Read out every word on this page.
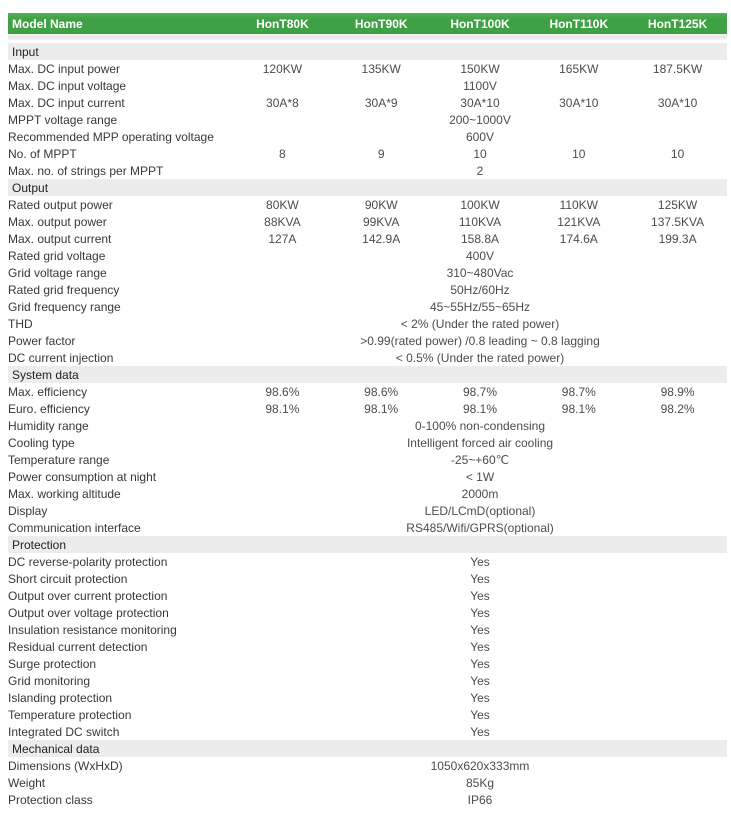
Model Name	HonT80K	HonT90K	HonT100K	HonT110K	HonT125K

Input					
Max. DC input power	120KW	135KW	150KW	165KW	187.5KW
Max. DC input voltage	1100V				
Max. DC input current	30A*8	30A*9	30A*10	30A*10	30A*10
MPPT voltage range	200~1000V				
Recommended MPP operating voltage	600V				
No. of MPPT	8	9	10	10	10
Max. no. of strings per MPPT	2				
Output					
Rated output power	80KW	90KW	100KW	110KW	125KW
Max. output power	88KVA	99KVA	110KVA	121KVA	137.5KVA
Max. output current	127A	142.9A	158.8A	174.6A	199.3A
Rated grid voltage	400V				
Grid voltage range	310~480Vac				
Rated grid frequency	50Hz/60Hz				
Grid frequency range	45~55Hz/55~65Hz				
THD	< 2% (Under the rated power)				
Power factor	>0.99(rated power) /0.8 leading ~ 0.8 lagging				
DC current injection	< 0.5% (Under the rated power)				
System data					
Max. efficiency	98.6%	98.6%	98.7%	98.7%	98.9%
Euro. efficiency	98.1%	98.1%	98.1%	98.1%	98.2%
Humidity range	0-100% non-condensing				
Cooling type	Intelligent forced air cooling				
Temperature range	-25~+60℃				
Power consumption at night	< 1W				
Max. working altitude	2000m				
Display	LED/LCmD(optional)				
Communication interface	RS485/Wifi/GPRS(optional)				
Protection					
DC reverse-polarity protection	Yes				
Short circuit protection	Yes				
Output over current protection	Yes				
Output over voltage protection	Yes				
Insulation resistance monitoring	Yes				
Residual current detection	Yes				
Surge protection	Yes				
Grid monitoring	Yes				
Islanding protection	Yes				
Temperature protection	Yes				
Integrated DC switch	Yes				
Mechanical data					
Dimensions (WxHxD)	1050x620x333mm				
Weight	85Kg				
Protection class	IP66				
